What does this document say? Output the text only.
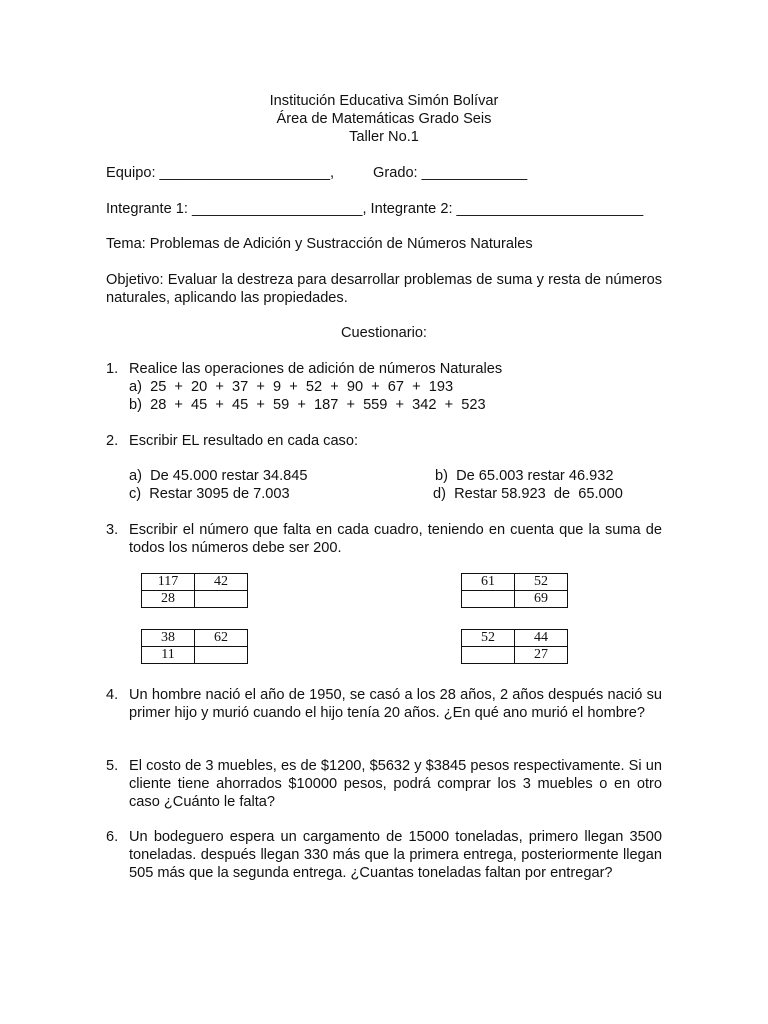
Institución Educativa Simón Bolívar
Área de Matemáticas Grado Seis
Taller No.1
Equipo: _____________________,	Grado: _____________
Integrante 1: _____________________, Integrante 2: _______________________
Tema: Problemas de Adición y Sustracción de Números Naturales
Objetivo: Evaluar la destreza para desarrollar problemas de suma y resta de números naturales, aplicando las propiedades.
Cuestionario:
1. Realice las operaciones de adición de números Naturales
a)  25  +  20  +  37  +  9  +  52  +  90  +  67  +  193
b)  28  +  45  +  45  +  59  +  187  +  559  +  342  +  523
2. Escribir EL resultado en cada caso:
a)  De 45.000 restar 34.845	b)  De 65.003 restar 46.932
c)  Restar 3095 de 7.003	d)  Restar 58.923  de  65.000
3. Escribir el número que falta en cada cuadro, teniendo en cuenta que la suma de todos los números debe ser 200.
117	42
28	
61	52
	69
38	62
11	
52	44
	27
4. Un hombre nació el año de 1950, se casó a los 28 años, 2 años después nació su primer hijo y murió cuando el hijo tenía 20 años. ¿En qué ano murió el hombre?
5. El costo de 3 muebles, es de $1200, $5632 y $3845 pesos respectivamente. Si un cliente tiene ahorrados $10000 pesos, podrá comprar los 3 muebles o en otro caso ¿Cuánto le falta?
6. Un bodeguero espera un cargamento de 15000 toneladas, primero llegan 3500 toneladas. después llegan 330 más que la primera entrega, posteriormente llegan 505 más que la segunda entrega. ¿Cuantas toneladas faltan por entregar?
